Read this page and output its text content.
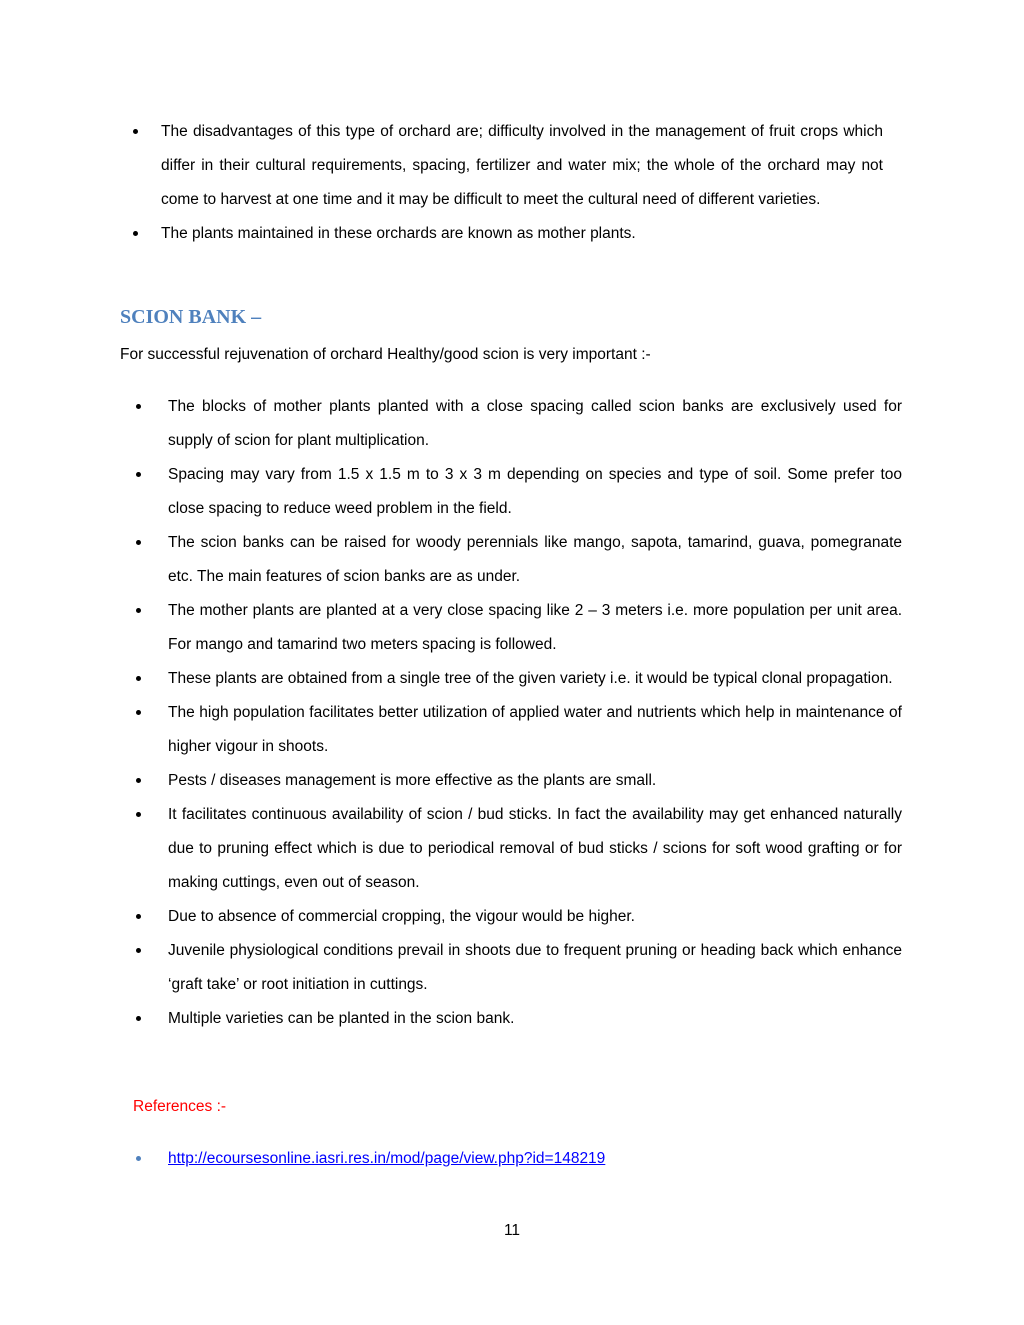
The disadvantages of this type of orchard are; difficulty involved in the management of fruit crops which differ in their cultural requirements, spacing, fertilizer and water mix; the whole of the orchard may not come to harvest at one time and it may be difficult to meet the cultural need of different varieties.
The plants maintained in these orchards are known as mother plants.
SCION BANK –

For successful rejuvenation of orchard Healthy/good scion is very important :-

The blocks of mother plants planted with a close spacing called scion banks are exclusively used for supply of scion for plant multiplication.
Spacing may vary from 1.5 x 1.5 m to 3 x 3 m depending on species and type of soil. Some prefer too close spacing to reduce weed problem in the field.
The scion banks can be raised for woody perennials like mango, sapota, tamarind, guava, pomegranate etc. The main features of scion banks are as under.
The mother plants are planted at a very close spacing like 2 – 3 meters i.e. more population per unit area. For mango and tamarind two meters spacing is followed.
These plants are obtained from a single tree of the given variety i.e. it would be typical clonal propagation.
The high population facilitates better utilization of applied water and nutrients which help in maintenance of higher vigour in shoots.
Pests / diseases management is more effective as the plants are small.
It facilitates continuous availability of scion / bud sticks. In fact the availability may get enhanced naturally due to pruning effect which is due to periodical removal of bud sticks / scions for soft wood grafting or for making cuttings, even out of season.
Due to absence of commercial cropping, the vigour would be higher.
Juvenile physiological conditions prevail in shoots due to frequent pruning or heading back which enhance ‘graft take’ or root initiation in cuttings.
Multiple varieties can be planted in the scion bank.

References :-

http://ecoursesonline.iasri.res.in/mod/page/view.php?id=148219

11
